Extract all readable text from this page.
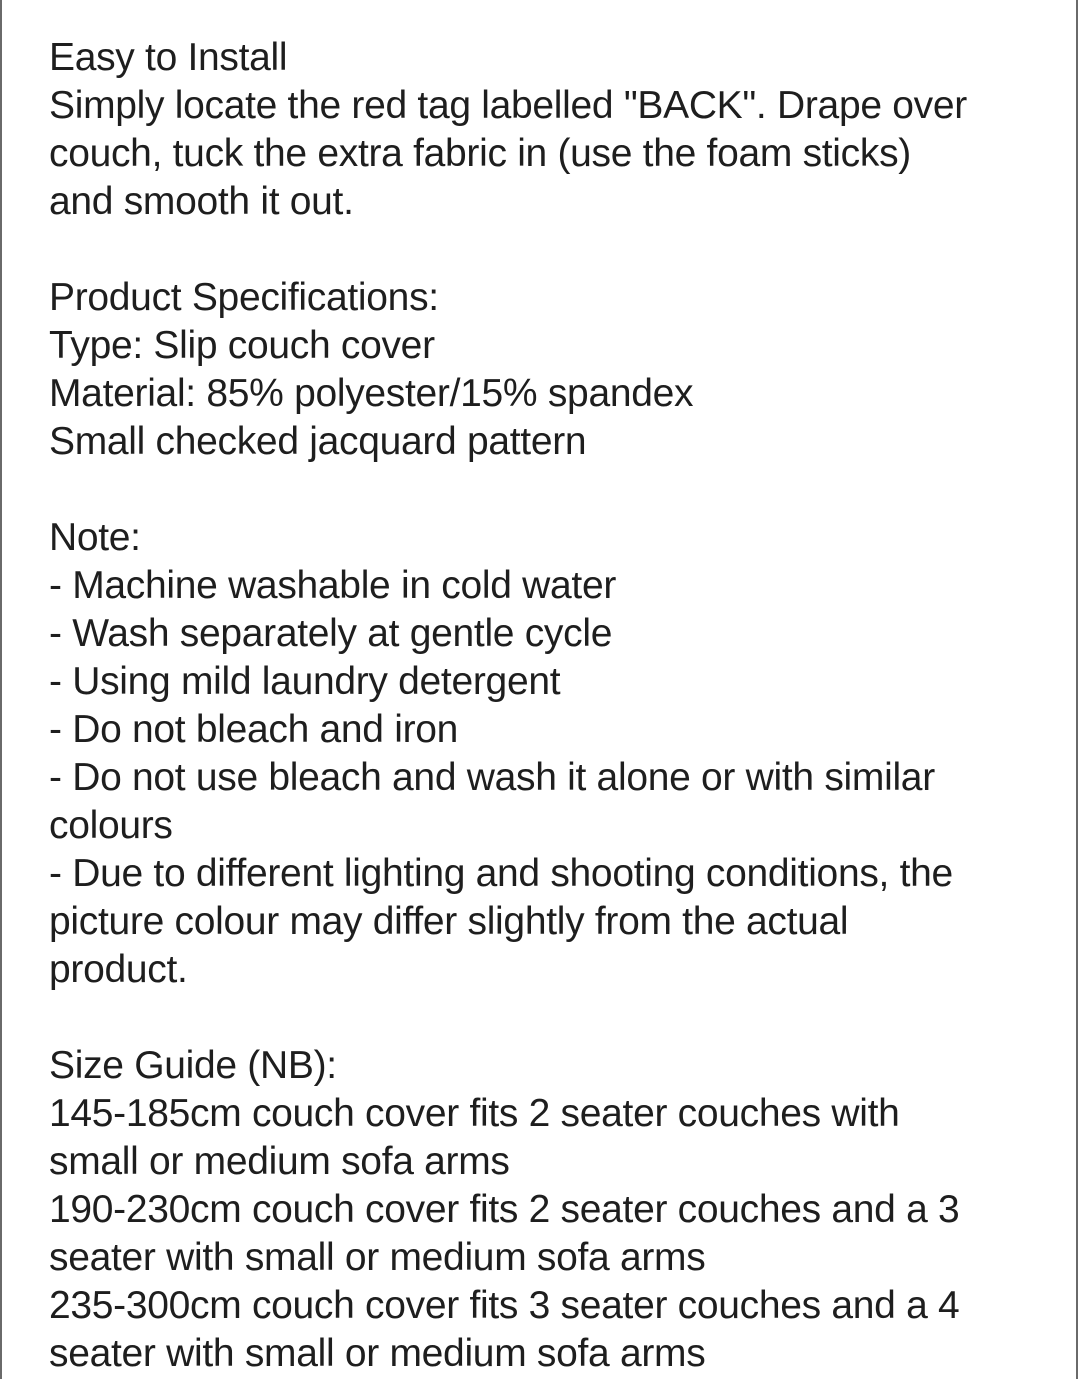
Easy to Install
Simply locate the red tag labelled "BACK". Drape over
couch, tuck the extra fabric in (use the foam sticks)
and smooth it out.
Product Specifications:
Type: Slip couch cover
Material: 85% polyester/15% spandex
Small checked jacquard pattern
Note:
- Machine washable in cold water
- Wash separately at gentle cycle
- Using mild laundry detergent
- Do not bleach and iron
- Do not use bleach and wash it alone or with similar
colours
- Due to different lighting and shooting conditions, the
picture colour may differ slightly from the actual
product.
Size Guide (NB):
145-185cm couch cover fits 2 seater couches with
small or medium sofa arms
190-230cm couch cover fits 2 seater couches and a 3
seater with small or medium sofa arms
235-300cm couch cover fits 3 seater couches and a 4
seater with small or medium sofa arms
